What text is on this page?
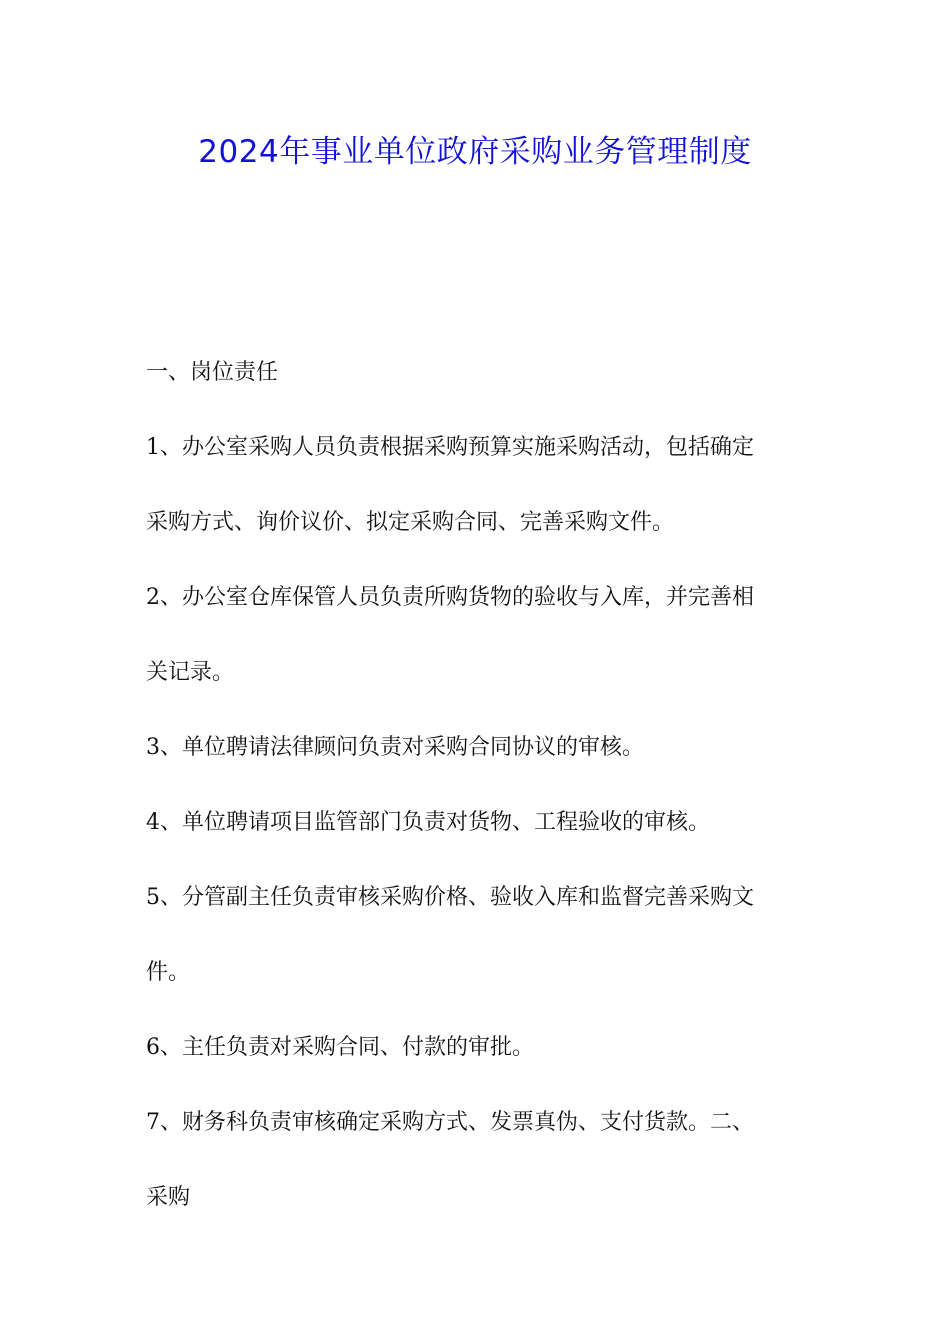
2024年事业单位政府采购业务管理制度
一、岗位责任
1、办公室采购人员负责根据采购预算实施采购活动，包括确定
采购方式、询价议价、拟定采购合同、完善采购文件。
2、办公室仓库保管人员负责所购货物的验收与入库，并完善相
关记录。
3、单位聘请法律顾问负责对采购合同协议的审核。
4、单位聘请项目监管部门负责对货物、工程验收的审核。
5、分管副主任负责审核采购价格、验收入库和监督完善采购文
件。
6、主任负责对采购合同、付款的审批。
7、财务科负责审核确定采购方式、发票真伪、支付货款。二、
采购
